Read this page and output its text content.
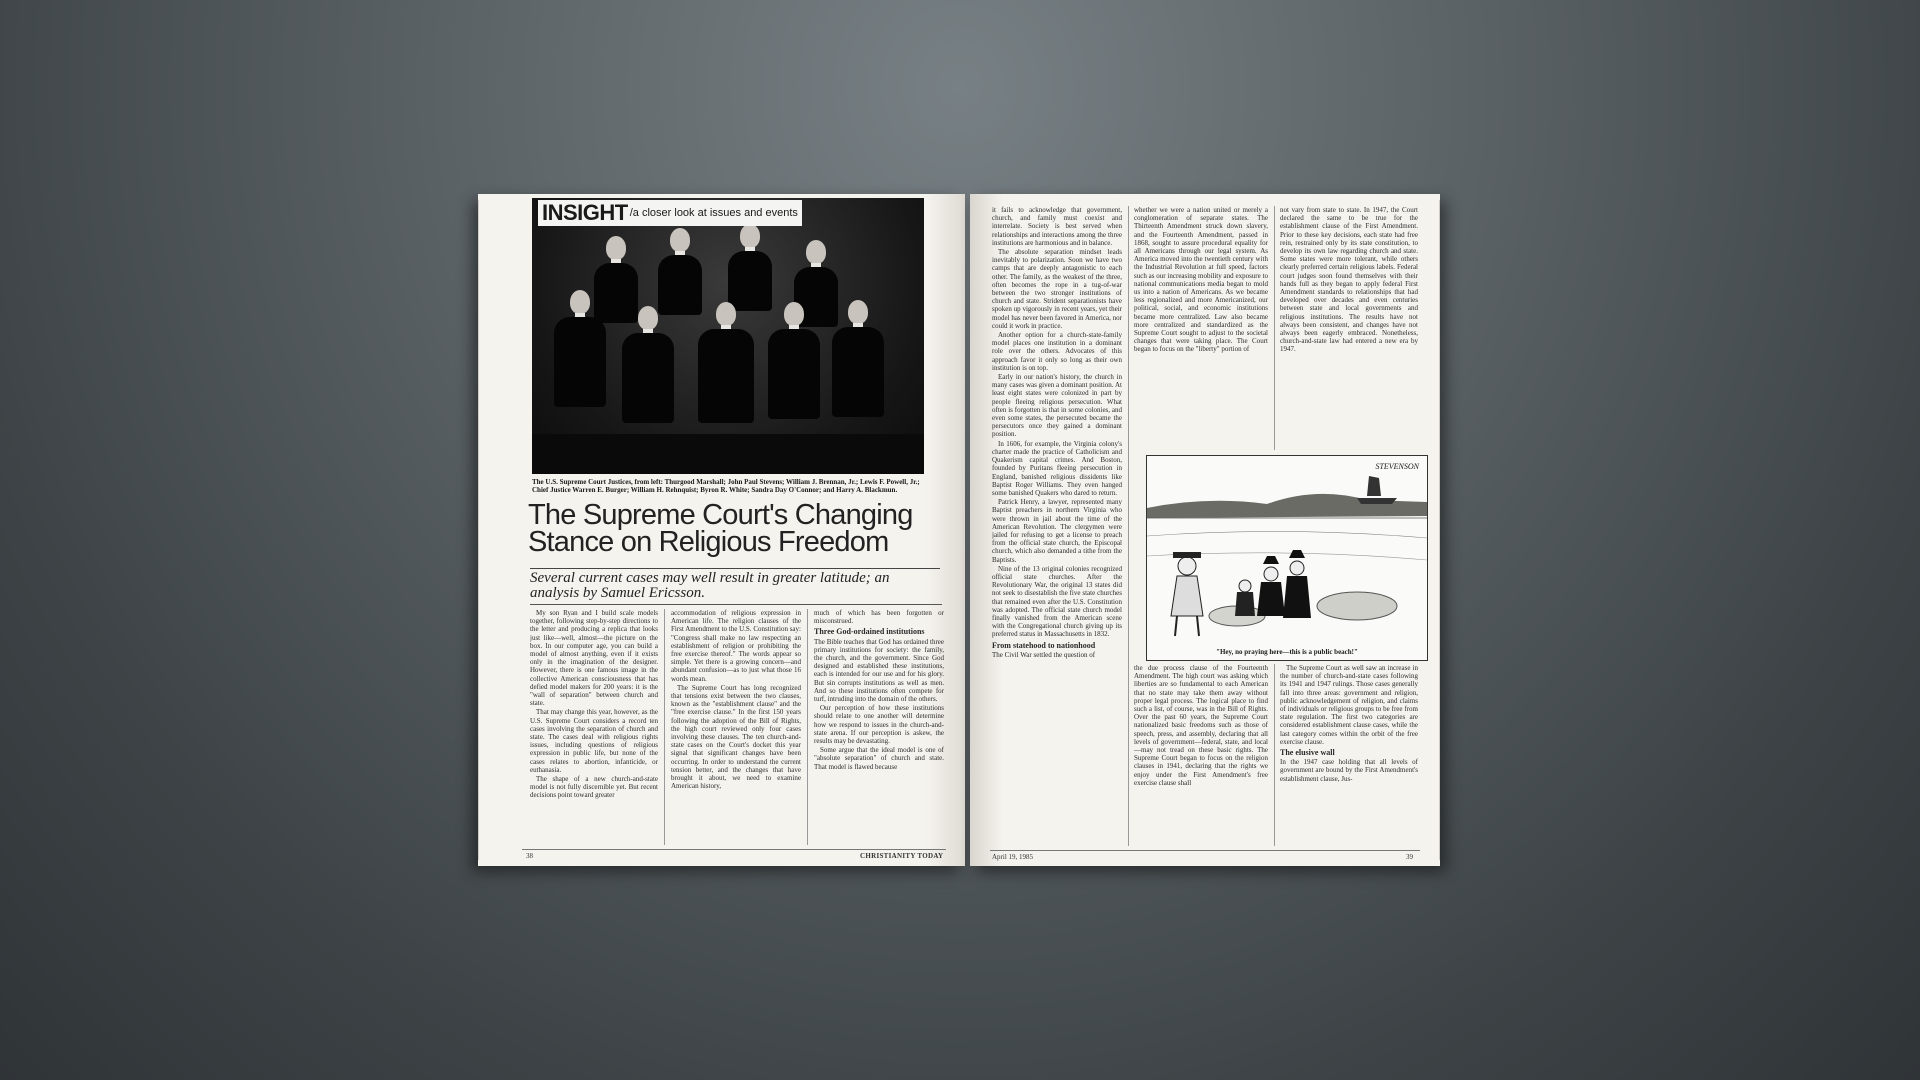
INSIGHT /a closer look at issues and events
The U.S. Supreme Court Justices, from left: Thurgood Marshall; John Paul Stevens; William J. Brennan, Jr.; Lewis F. Powell, Jr.; Chief Justice Warren E. Burger; William H. Rehnquist; Byron R. White; Sandra Day O'Connor; and Harry A. Blackmun.
The Supreme Court's Changing Stance on Religious Freedom
Several current cases may well result in greater latitude; an analysis by Samuel Ericsson.

My son Ryan and I build scale models together, following step-by-step directions to the letter and producing a replica that looks just like—well, almost—the picture on the box. In our computer age, you can build a model of almost anything, even if it exists only in the imagination of the designer. However, there is one famous image in the collective American consciousness that has defied model makers for 200 years: it is the "wall of separation" between church and state.

That may change this year, however, as the U.S. Supreme Court considers a record ten cases involving the separation of church and state. The cases deal with religious rights issues, including questions of religious expression in public life, but none of the cases relates to abortion, infanticide, or euthanasia.

The shape of a new church-and-state model is not fully discernible yet. But recent decisions point toward greater

accommodation of religious expression in American life. The religion clauses of the First Amendment to the U.S. Constitution say: "Congress shall make no law respecting an establishment of religion or prohibiting the free exercise thereof." The words appear so simple. Yet there is a growing concern—and abundant confusion—as to just what those 16 words mean.

The Supreme Court has long recognized that tensions exist between the two clauses, known as the "establishment clause" and the "free exercise clause." In the first 150 years following the adoption of the Bill of Rights, the high court reviewed only four cases involving these clauses. The ten church-and-state cases on the Court's docket this year signal that significant changes have been occurring. In order to understand the current tension better, and the changes that have brought it about, we need to examine American history,

much of which has been forgotten or misconstrued.

Three God-ordained institutions

The Bible teaches that God has ordained three primary institutions for society: the family, the church, and the government. Since God designed and established these institutions, each is intended for our use and for his glory. But sin corrupts institutions as well as men. And so these institutions often compete for turf, intruding into the domain of the others.

Our perception of how these institutions should relate to one another will determine how we respond to issues in the church-and-state arena. If our perception is askew, the results may be devastating.

Some argue that the ideal model is one of "absolute separation" of church and state. That model is flawed because

38	CHRISTIANITY TODAY

it fails to acknowledge that government, church, and family must coexist and interrelate. Society is best served when relationships and interactions among the three institutions are harmonious and in balance.

The absolute separation mindset leads inevitably to polarization. Soon we have two camps that are deeply antagonistic to each other. The family, as the weakest of the three, often becomes the rope in a tug-of-war between the two stronger institutions of church and state. Strident separationists have spoken up vigorously in recent years, yet their model has never been favored in America, nor could it work in practice.

Another option for a church-state-family model places one institution in a dominant role over the others. Advocates of this approach favor it only so long as their own institution is on top.

Early in our nation's history, the church in many cases was given a dominant position. At least eight states were colonized in part by people fleeing religious persecution. What often is forgotten is that in some colonies, and even some states, the persecuted became the persecutors once they gained a dominant position.

In 1606, for example, the Virginia colony's charter made the practice of Catholicism and Quakerism capital crimes. And Boston, founded by Puritans fleeing persecution in England, banished religious dissidents like Baptist Roger Williams. They even hanged some banished Quakers who dared to return.

Patrick Henry, a lawyer, represented many Baptist preachers in northern Virginia who were thrown in jail about the time of the American Revolution. The clergymen were jailed for refusing to get a license to preach from the official state church, the Episcopal church, which also demanded a tithe from the Baptists.

Nine of the 13 original colonies recognized official state churches. After the Revolutionary War, the original 13 states did not seek to disestablish the five state churches that remained even after the U.S. Constitution was adopted. The official state church model finally vanished from the American scene with the Congregational church giving up its preferred status in Massachusetts in 1832.

From statehood to nationhood

The Civil War settled the question of

whether we were a nation united or merely a conglomeration of separate states. The Thirteenth Amendment struck down slavery, and the Fourteenth Amendment, passed in 1868, sought to assure procedural equality for all Americans through our legal system. As America moved into the twentieth century with the Industrial Revolution at full speed, factors such as our increasing mobility and exposure to national communications media began to mold us into a nation of Americans. As we became less regionalized and more Americanized, our political, social, and economic institutions became more centralized. Law also became more centralized and standardized as the Supreme Court sought to adjust to the societal changes that were taking place. The Court began to focus on the "liberty" portion of

not vary from state to state. In 1947, the Court declared the same to be true for the establishment clause of the First Amendment. Prior to these key decisions, each state had free rein, restrained only by its state constitution, to develop its own law regarding church and state. Some states were more tolerant, while others clearly preferred certain religious labels. Federal court judges soon found themselves with their hands full as they began to apply federal First Amendment standards to relationships that had developed over decades and even centuries between state and local governments and religious institutions. The results have not always been consistent, and changes have not always been eagerly embraced. Nonetheless, church-and-state law had entered a new era by 1947.

STEVENSON
"Hey, no praying here—this is a public beach!"

the due process clause of the Fourteenth Amendment. The high court was asking which liberties are so fundamental to each American that no state may take them away without proper legal process. The logical place to find such a list, of course, was in the Bill of Rights. Over the past 60 years, the Supreme Court nationalized basic freedoms such as those of speech, press, and assembly, declaring that all levels of government—federal, state, and local—may not tread on these basic rights. The Supreme Court began to focus on the religion clauses in 1941, declaring that the rights we enjoy under the First Amendment's free exercise clause shall

The Supreme Court as well saw an increase in the number of church-and-state cases following its 1941 and 1947 rulings. Those cases generally fall into three areas: government and religion, public acknowledgement of religion, and claims of individuals or religious groups to be free from state regulation. The first two categories are considered establishment clause cases, while the last category comes within the orbit of the free exercise clause.

The elusive wall

In the 1947 case holding that all levels of government are bound by the First Amendment's establishment clause, Jus-

April 19, 1985	39
